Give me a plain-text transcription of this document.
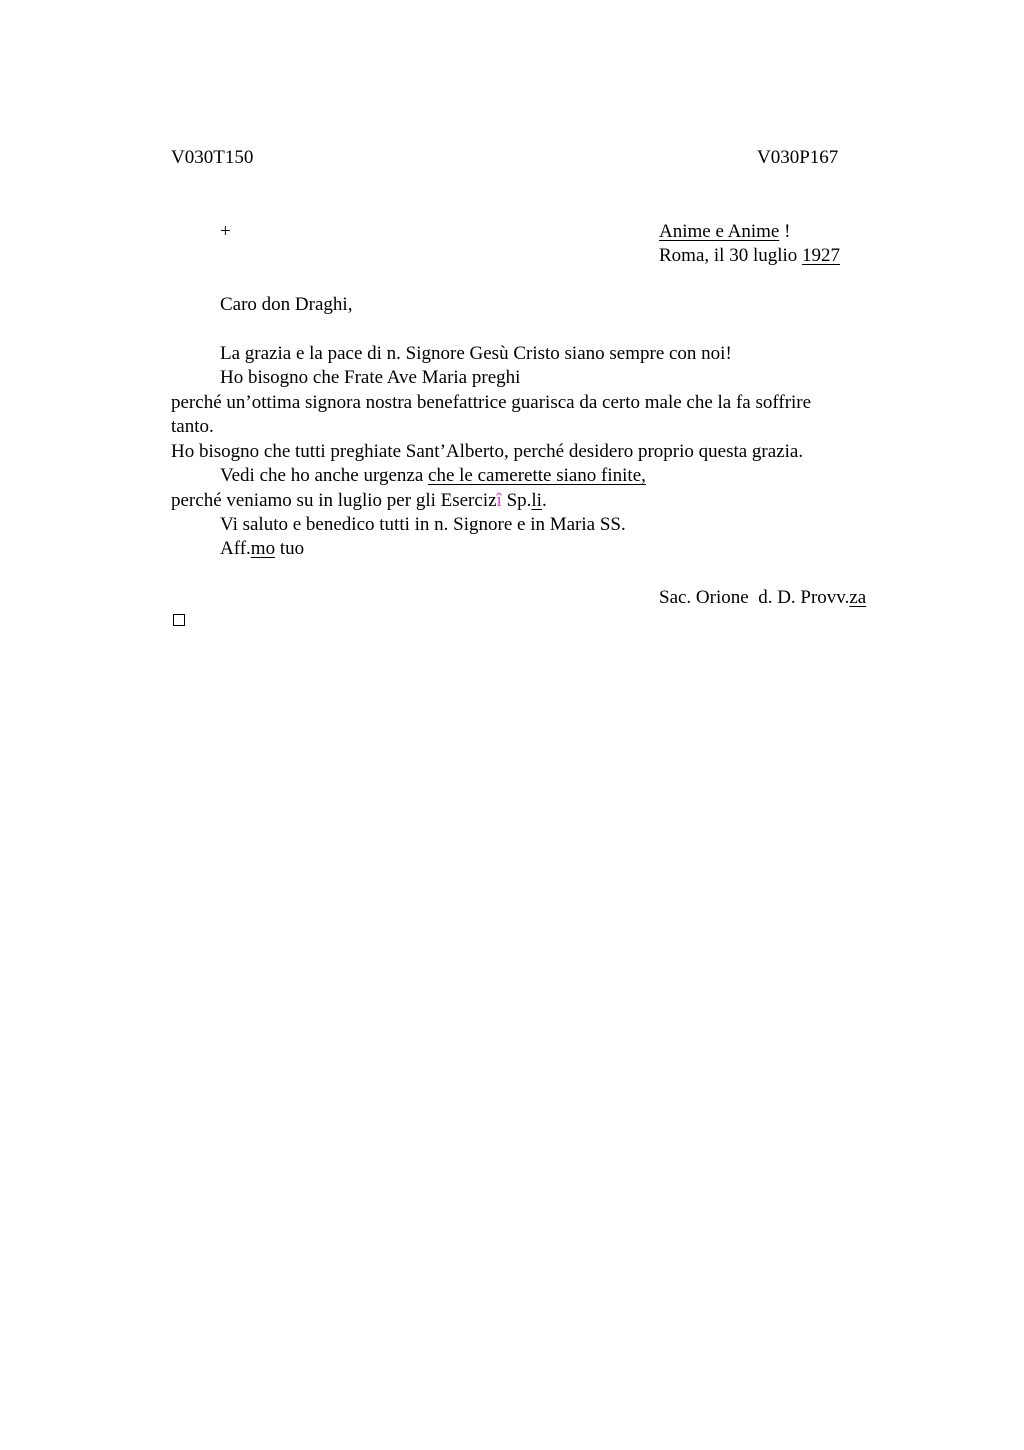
V030T150	V030P167
+	Anime e Anime !
Roma, il 30 luglio 1927
Caro don Draghi,
La grazia e la pace di n. Signore Gesù Cristo siano sempre con noi!
Ho bisogno che Frate Ave Maria preghi
perché un’ottima signora nostra benefattrice guarisca da certo male che la fa soffrire
tanto.
Ho bisogno che tutti preghiate Sant’Alberto, perché desidero proprio questa grazia.
Vedi che ho anche urgenza che le camerette siano finite,
perché veniamo su in luglio per gli Esercizî Sp.li.
Vi saluto e benedico tutti in n. Signore e in Maria SS.
Aff.mo tuo
Sac. Orione  d. D. Provv.za
